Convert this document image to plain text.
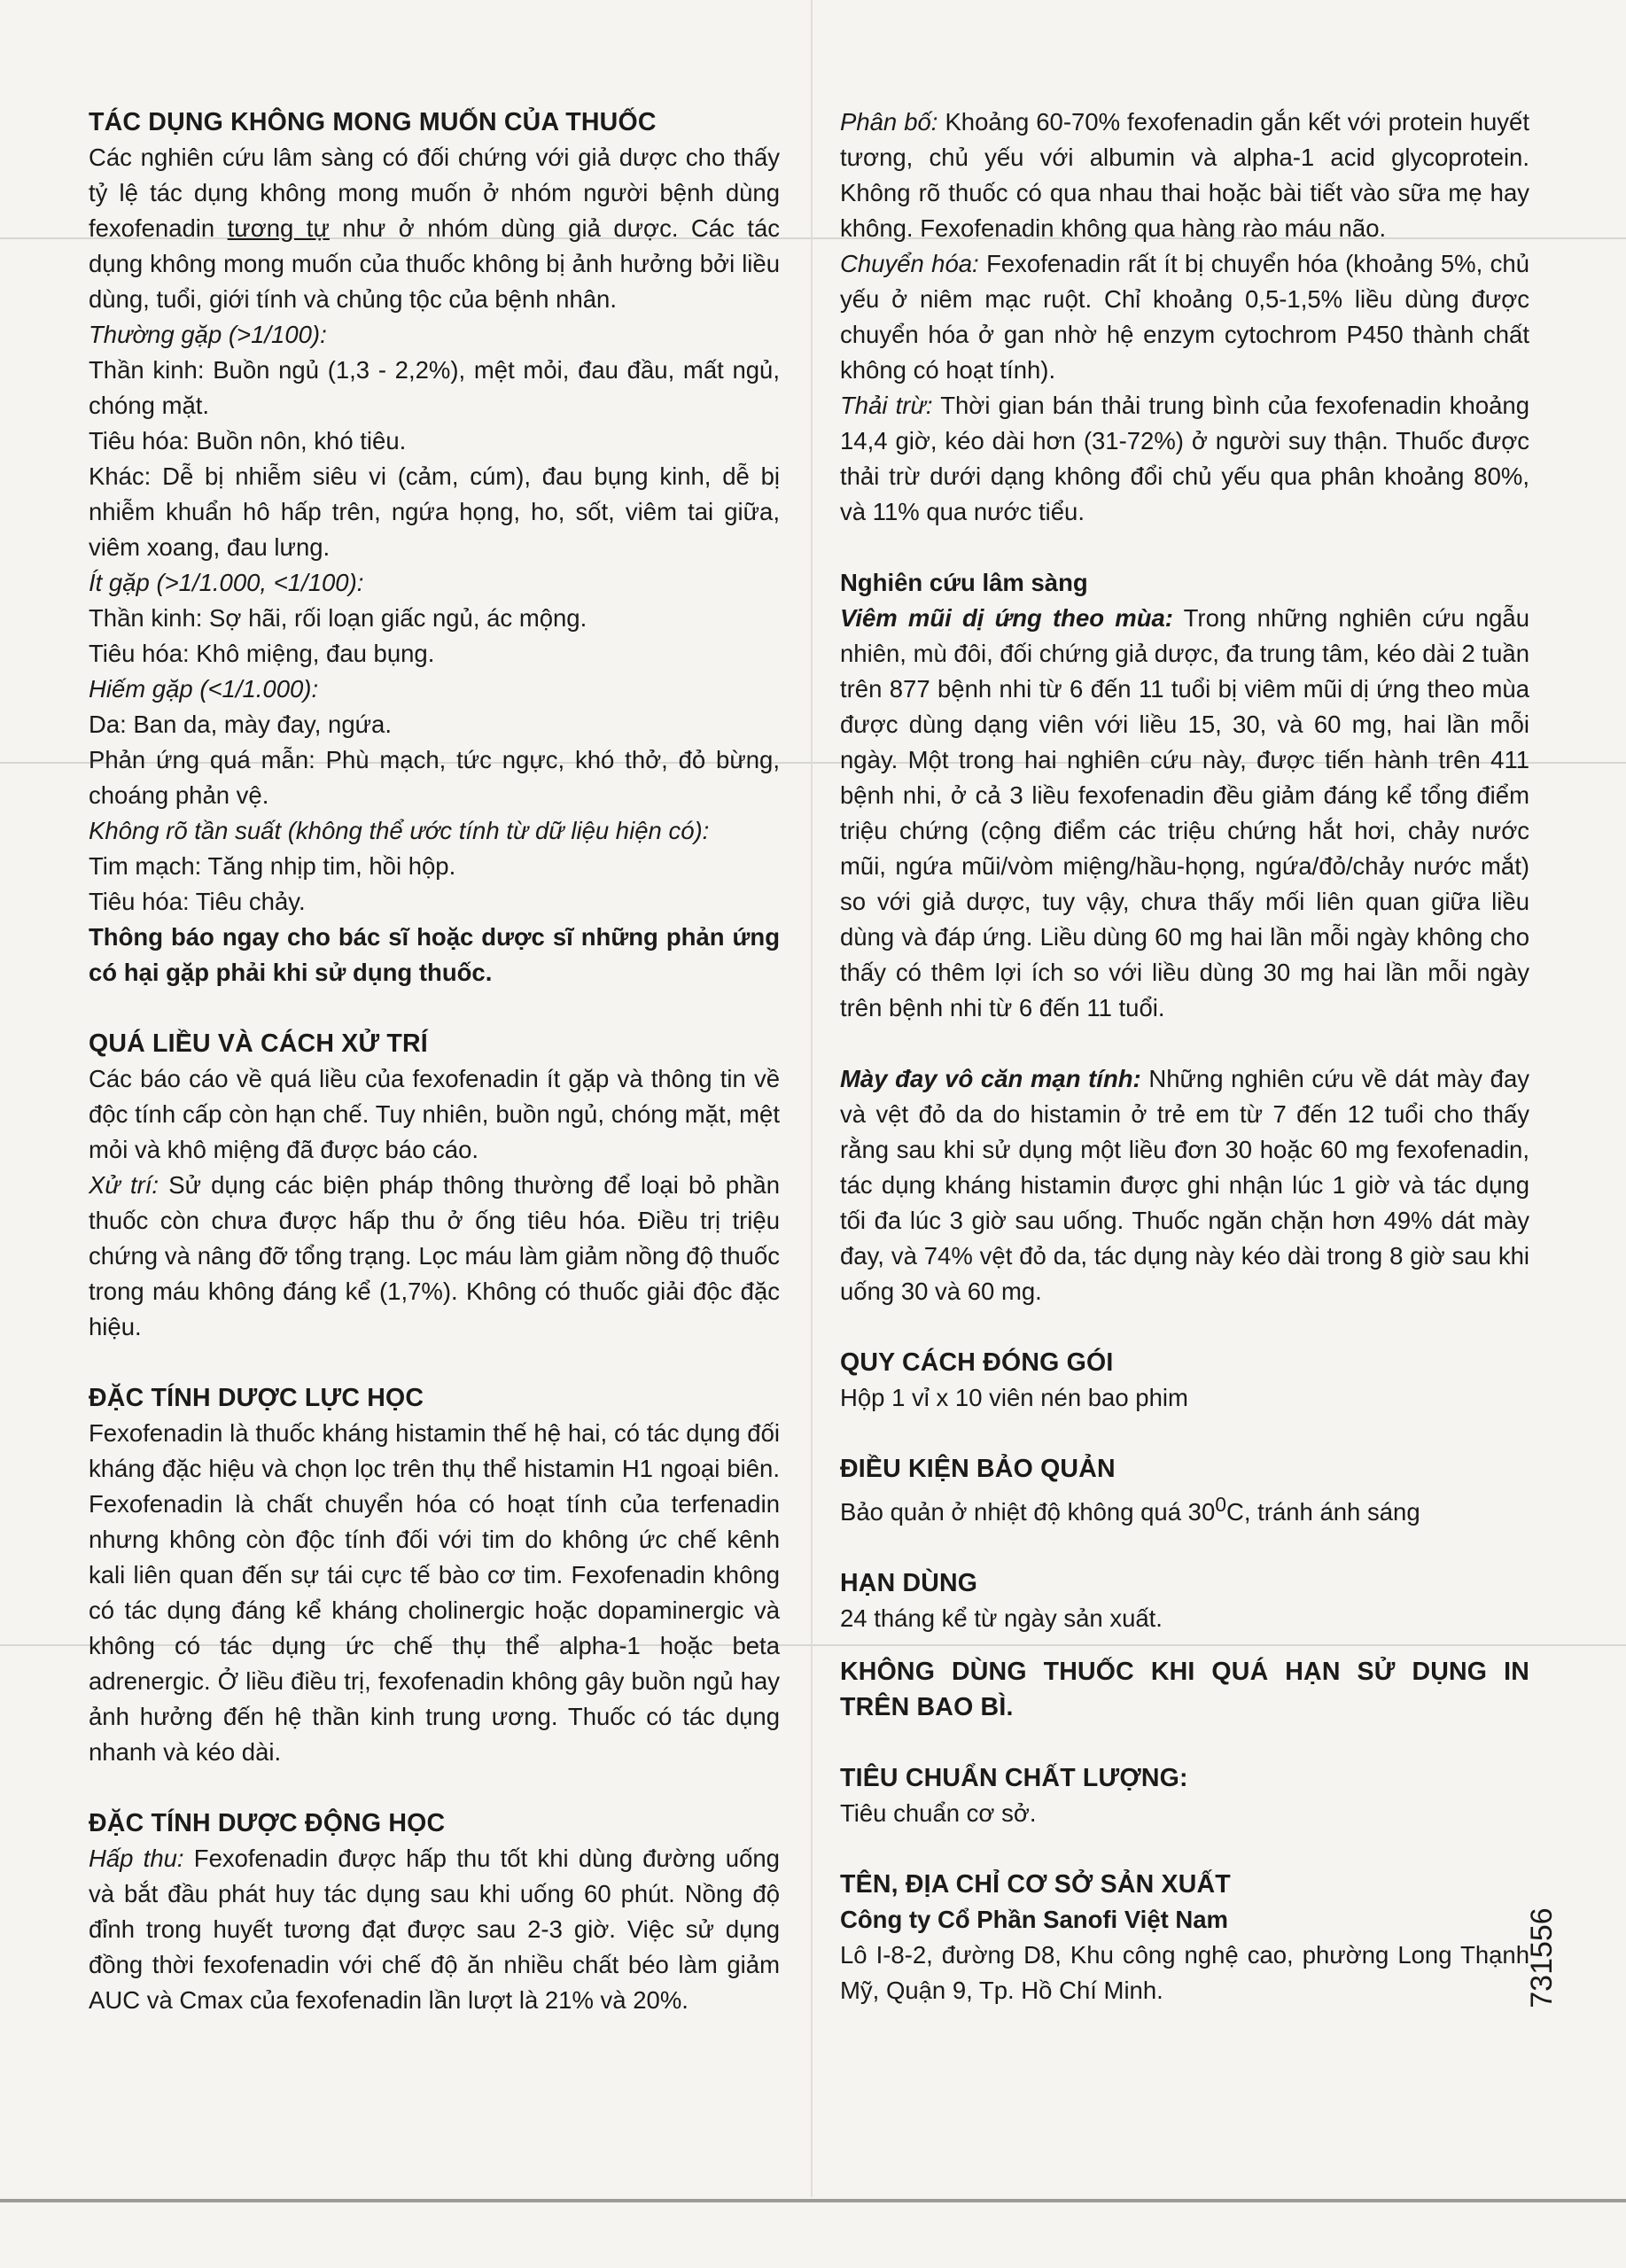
TÁC DỤNG KHÔNG MONG MUỐN CỦA THUỐC

Các nghiên cứu lâm sàng có đối chứng với giả dược cho thấy tỷ lệ tác dụng không mong muốn ở nhóm người bệnh dùng fexofenadin tương tự như ở nhóm dùng giả dược. Các tác dụng không mong muốn của thuốc không bị ảnh hưởng bởi liều dùng, tuổi, giới tính và chủng tộc của bệnh nhân.

Thường gặp (>1/100):

Thần kinh: Buồn ngủ (1,3 - 2,2%), mệt mỏi, đau đầu, mất ngủ, chóng mặt.

Tiêu hóa: Buồn nôn, khó tiêu.

Khác: Dễ bị nhiễm siêu vi (cảm, cúm), đau bụng kinh, dễ bị nhiễm khuẩn hô hấp trên, ngứa họng, ho, sốt, viêm tai giữa, viêm xoang, đau lưng.

Ít gặp (>1/1.000, <1/100):

Thần kinh: Sợ hãi, rối loạn giấc ngủ, ác mộng.

Tiêu hóa: Khô miệng, đau bụng.

Hiếm gặp (<1/1.000):

Da: Ban da, mày đay, ngứa.

Phản ứng quá mẫn: Phù mạch, tức ngực, khó thở, đỏ bừng, choáng phản vệ.

Không rõ tần suất (không thể ước tính từ dữ liệu hiện có):

Tim mạch: Tăng nhịp tim, hồi hộp.

Tiêu hóa: Tiêu chảy.

Thông báo ngay cho bác sĩ hoặc dược sĩ những phản ứng có hại gặp phải khi sử dụng thuốc.

QUÁ LIỀU VÀ CÁCH XỬ TRÍ

Các báo cáo về quá liều của fexofenadin ít gặp và thông tin về độc tính cấp còn hạn chế. Tuy nhiên, buồn ngủ, chóng mặt, mệt mỏi và khô miệng đã được báo cáo.

Xử trí: Sử dụng các biện pháp thông thường để loại bỏ phần thuốc còn chưa được hấp thu ở ống tiêu hóa. Điều trị triệu chứng và nâng đỡ tổng trạng. Lọc máu làm giảm nồng độ thuốc trong máu không đáng kể (1,7%). Không có thuốc giải độc đặc hiệu.

ĐẶC TÍNH DƯỢC LỰC HỌC

Fexofenadin là thuốc kháng histamin thế hệ hai, có tác dụng đối kháng đặc hiệu và chọn lọc trên thụ thể histamin H1 ngoại biên. Fexofenadin là chất chuyển hóa có hoạt tính của terfenadin nhưng không còn độc tính đối với tim do không ức chế kênh kali liên quan đến sự tái cực tế bào cơ tim. Fexofenadin không có tác dụng đáng kể kháng cholinergic hoặc dopaminergic và không có tác dụng ức chế thụ thể alpha-1 hoặc beta adrenergic. Ở liều điều trị, fexofenadin không gây buồn ngủ hay ảnh hưởng đến hệ thần kinh trung ương. Thuốc có tác dụng nhanh và kéo dài.

ĐẶC TÍNH DƯỢC ĐỘNG HỌC

Hấp thu: Fexofenadin được hấp thu tốt khi dùng đường uống và bắt đầu phát huy tác dụng sau khi uống 60 phút. Nồng độ đỉnh trong huyết tương đạt được sau 2-3 giờ. Việc sử dụng đồng thời fexofenadin với chế độ ăn nhiều chất béo làm giảm AUC và Cmax của fexofenadin lần lượt là 21% và 20%.

Phân bố: Khoảng 60-70% fexofenadin gắn kết với protein huyết tương, chủ yếu với albumin và alpha-1 acid glycoprotein. Không rõ thuốc có qua nhau thai hoặc bài tiết vào sữa mẹ hay không. Fexofenadin không qua hàng rào máu não.

Chuyển hóa: Fexofenadin rất ít bị chuyển hóa (khoảng 5%, chủ yếu ở niêm mạc ruột. Chỉ khoảng 0,5-1,5% liều dùng được chuyển hóa ở gan nhờ hệ enzym cytochrom P450 thành chất không có hoạt tính).

Thải trừ: Thời gian bán thải trung bình của fexofenadin khoảng 14,4 giờ, kéo dài hơn (31-72%) ở người suy thận. Thuốc được thải trừ dưới dạng không đổi chủ yếu qua phân khoảng 80%, và 11% qua nước tiểu.

Nghiên cứu lâm sàng

Viêm mũi dị ứng theo mùa: Trong những nghiên cứu ngẫu nhiên, mù đôi, đối chứng giả dược, đa trung tâm, kéo dài 2 tuần trên 877 bệnh nhi từ 6 đến 11 tuổi bị viêm mũi dị ứng theo mùa được dùng dạng viên với liều 15, 30, và 60 mg, hai lần mỗi ngày. Một trong hai nghiên cứu này, được tiến hành trên 411 bệnh nhi, ở cả 3 liều fexofenadin đều giảm đáng kể tổng điểm triệu chứng (cộng điểm các triệu chứng hắt hơi, chảy nước mũi, ngứa mũi/vòm miệng/hầu-họng, ngứa/đỏ/chảy nước mắt) so với giả dược, tuy vậy, chưa thấy mối liên quan giữa liều dùng và đáp ứng. Liều dùng 60 mg hai lần mỗi ngày không cho thấy có thêm lợi ích so với liều dùng 30 mg hai lần mỗi ngày trên bệnh nhi từ 6 đến 11 tuổi.

Mày đay vô căn mạn tính: Những nghiên cứu về dát mày đay và vệt đỏ da do histamin ở trẻ em từ 7 đến 12 tuổi cho thấy rằng sau khi sử dụng một liều đơn 30 hoặc 60 mg fexofenadin, tác dụng kháng histamin được ghi nhận lúc 1 giờ và tác dụng tối đa lúc 3 giờ sau uống. Thuốc ngăn chặn hơn 49% dát mày đay, và 74% vệt đỏ da, tác dụng này kéo dài trong 8 giờ sau khi uống 30 và 60 mg.

QUY CÁCH ĐÓNG GÓI

Hộp 1 vỉ x 10 viên nén bao phim

ĐIỀU KIỆN BẢO QUẢN

Bảo quản ở nhiệt độ không quá $30^0C$, tránh ánh sáng

HẠN DÙNG

24 tháng kể từ ngày sản xuất.

KHÔNG DÙNG THUỐC KHI QUÁ HẠN SỬ DỤNG IN TRÊN BAO BÌ.

TIÊU CHUẨN CHẤT LƯỢNG:

Tiêu chuẩn cơ sở.

TÊN, ĐỊA CHỈ CƠ SỞ SẢN XUẤT

Công ty Cổ Phần Sanofi Việt Nam

Lô I-8-2, đường D8, Khu công nghệ cao, phường Long Thạnh Mỹ, Quận 9, Tp. Hồ Chí Minh.	731556
